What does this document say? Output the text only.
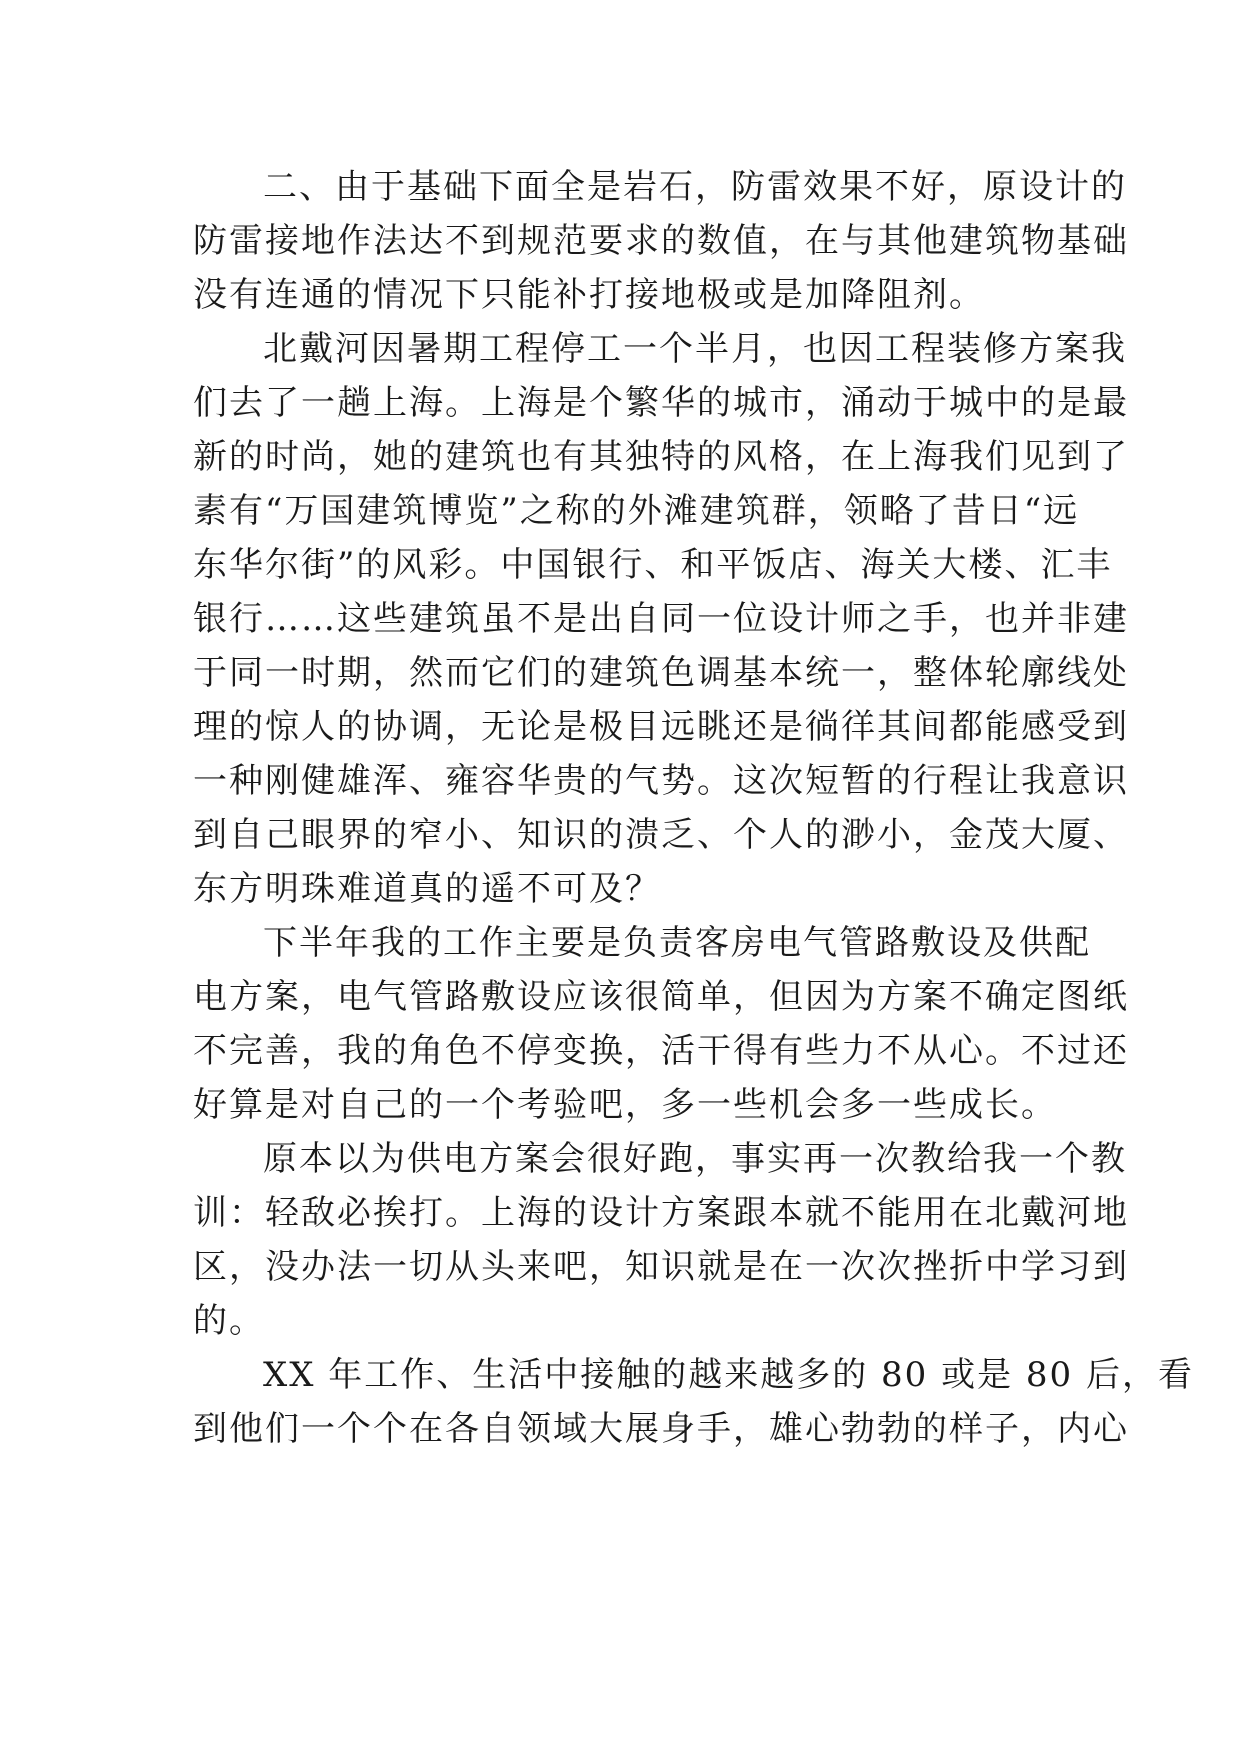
二、由于基础下面全是岩石，防雷效果不好，原设计的
防雷接地作法达不到规范要求的数值，在与其他建筑物基础
没有连通的情况下只能补打接地极或是加降阻剂。
北戴河因暑期工程停工一个半月，也因工程装修方案我
们去了一趟上海。上海是个繁华的城市，涌动于城中的是最
新的时尚，她的建筑也有其独特的风格，在上海我们见到了
素有“万国建筑博览”之称的外滩建筑群，领略了昔日“远
东华尔街”的风彩。中国银行、和平饭店、海关大楼、汇丰
银行……这些建筑虽不是出自同一位设计师之手，也并非建
于同一时期，然而它们的建筑色调基本统一，整体轮廓线处
理的惊人的协调，无论是极目远眺还是徜徉其间都能感受到
一种刚健雄浑、雍容华贵的气势。这次短暂的行程让我意识
到自己眼界的窄小、知识的溃乏、个人的渺小，金茂大厦、
东方明珠难道真的遥不可及？
下半年我的工作主要是负责客房电气管路敷设及供配
电方案，电气管路敷设应该很简单，但因为方案不确定图纸
不完善，我的角色不停变换，活干得有些力不从心。不过还
好算是对自己的一个考验吧，多一些机会多一些成长。
原本以为供电方案会很好跑，事实再一次教给我一个教
训：轻敌必挨打。上海的设计方案跟本就不能用在北戴河地
区，没办法一切从头来吧，知识就是在一次次挫折中学习到
的。
XX 年工作、生活中接触的越来越多的 80 或是 80 后，看
到他们一个个在各自领域大展身手，雄心勃勃的样子，内心
